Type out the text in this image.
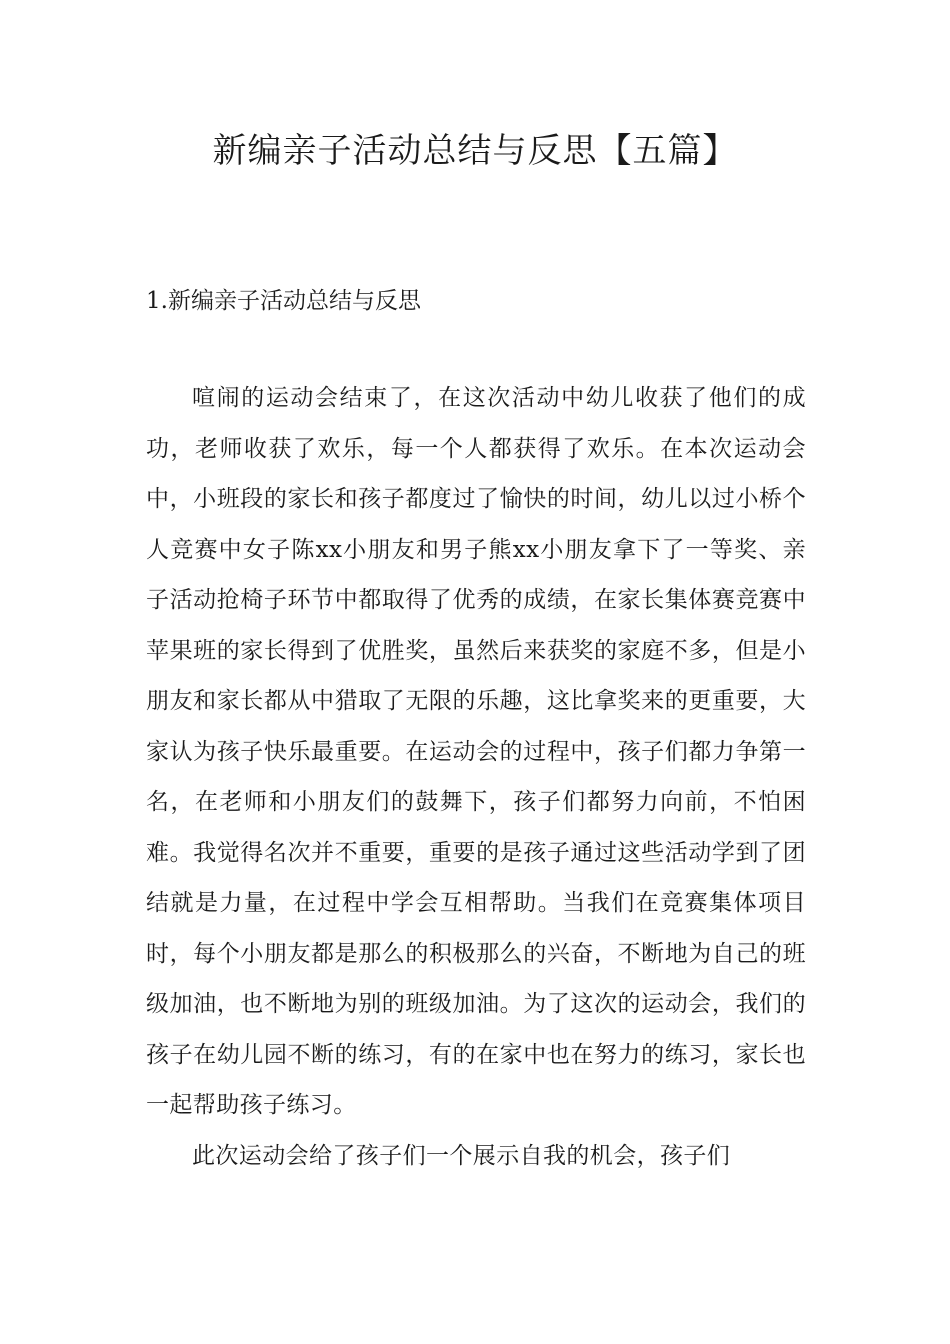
新编亲子活动总结与反思【五篇】
1.新编亲子活动总结与反思

喧闹的运动会结束了，在这次活动中幼儿收获了他们的成功，老师收获了欢乐，每一个人都获得了欢乐。在本次运动会中，小班段的家长和孩子都度过了愉快的时间，幼儿以过小桥个人竞赛中女子陈xx小朋友和男子熊xx小朋友拿下了一等奖、亲子活动抢椅子环节中都取得了优秀的成绩，在家长集体赛竞赛中苹果班的家长得到了优胜奖，虽然后来获奖的家庭不多，但是小朋友和家长都从中猎取了无限的乐趣，这比拿奖来的更重要，大家认为孩子快乐最重要。在运动会的过程中，孩子们都力争第一名，在老师和小朋友们的鼓舞下，孩子们都努力向前，不怕困难。我觉得名次并不重要，重要的是孩子通过这些活动学到了团结就是力量，在过程中学会互相帮助。当我们在竞赛集体项目时，每个小朋友都是那么的积极那么的兴奋，不断地为自己的班级加油，也不断地为别的班级加油。为了这次的运动会，我们的孩子在幼儿园不断的练习，有的在家中也在努力的练习，家长也一起帮助孩子练习。

此次运动会给了孩子们一个展示自我的机会，孩子们
